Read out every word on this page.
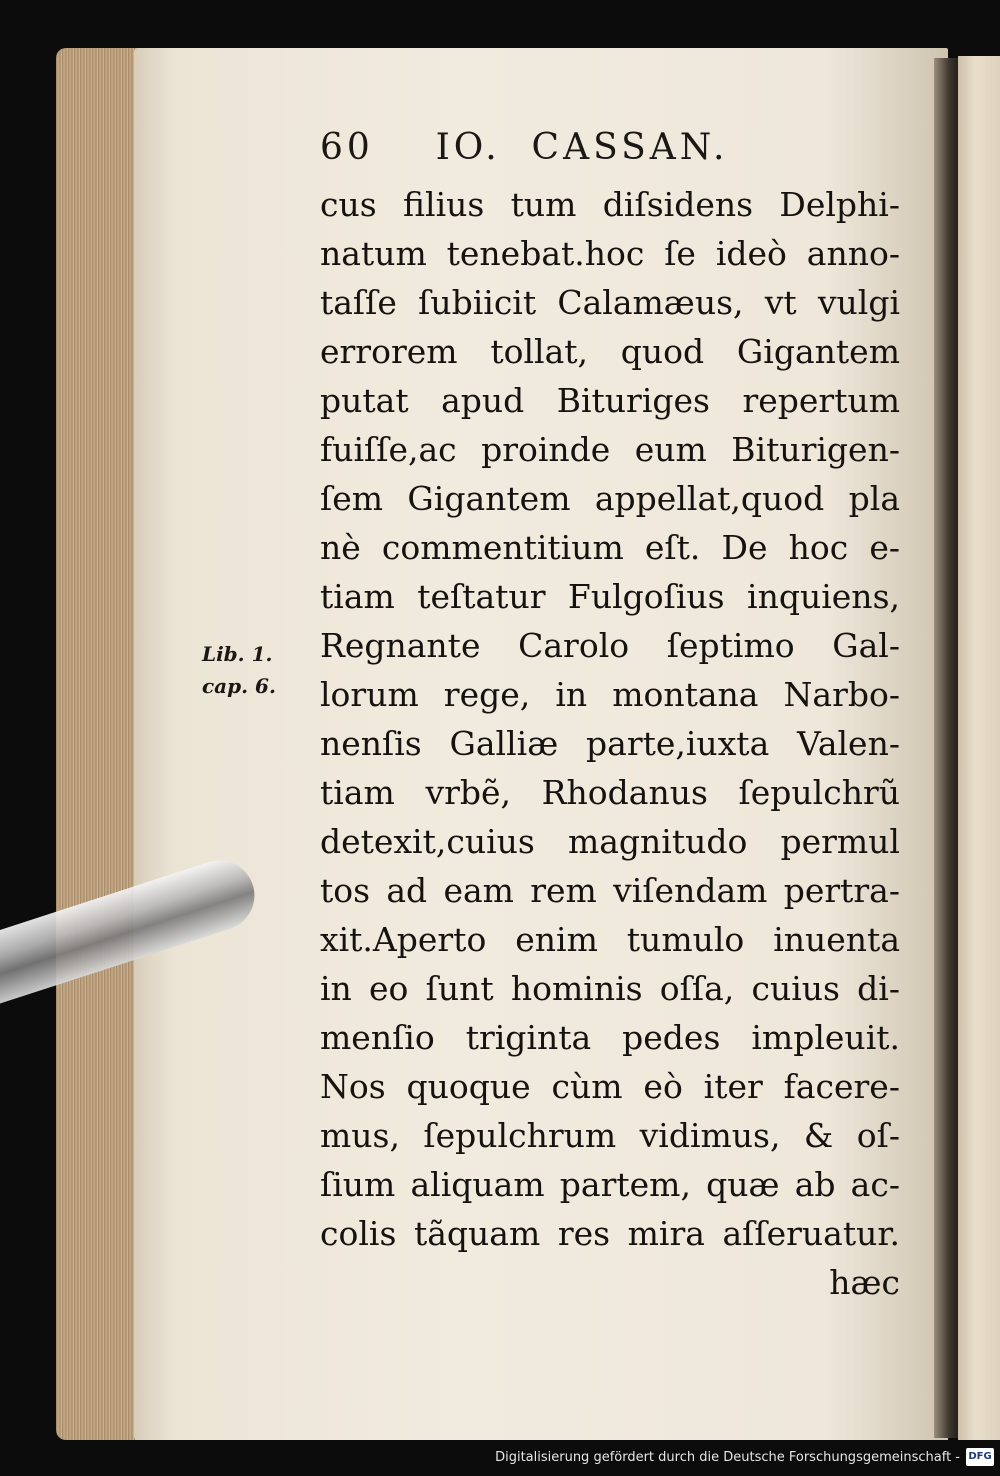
60    IO.  CASSAN.

cus filius tum diſsidens Delphi-

natum tenebat.hoc ſe ideò anno-

taſſe ſubiicit Calamæus, vt vulgi

errorem tollat, quod Gigantem

putat apud Bituriges repertum

fuiſſe,ac proinde eum Biturigen-

ſem Gigantem appellat,quod pla

nè commentitium eſt. De hoc e-

tiam teſtatur Fulgoſius inquiens,

Regnante Carolo ſeptimo Gal-

lorum rege, in montana Narbo-

nenſis Galliæ parte,iuxta Valen-

tiam vrbẽ, Rhodanus ſepulchrũ

detexit,cuius magnitudo permul

tos ad eam rem viſendam pertra-

xit.Aperto enim tumulo inuenta

in eo ſunt hominis oſſa, cuius di-

menſio triginta pedes impleuit.

Nos quoque cùm eò iter facere-

mus, ſepulchrum vidimus, & oſ-

ſium aliquam partem, quæ ab ac-

colis tãquam res mira aſſeruatur.

hæc

Lib. 1.

cap. 6.

Digitalisierung gefördert durch die Deutsche Forschungsgemeinschaft - DFG
